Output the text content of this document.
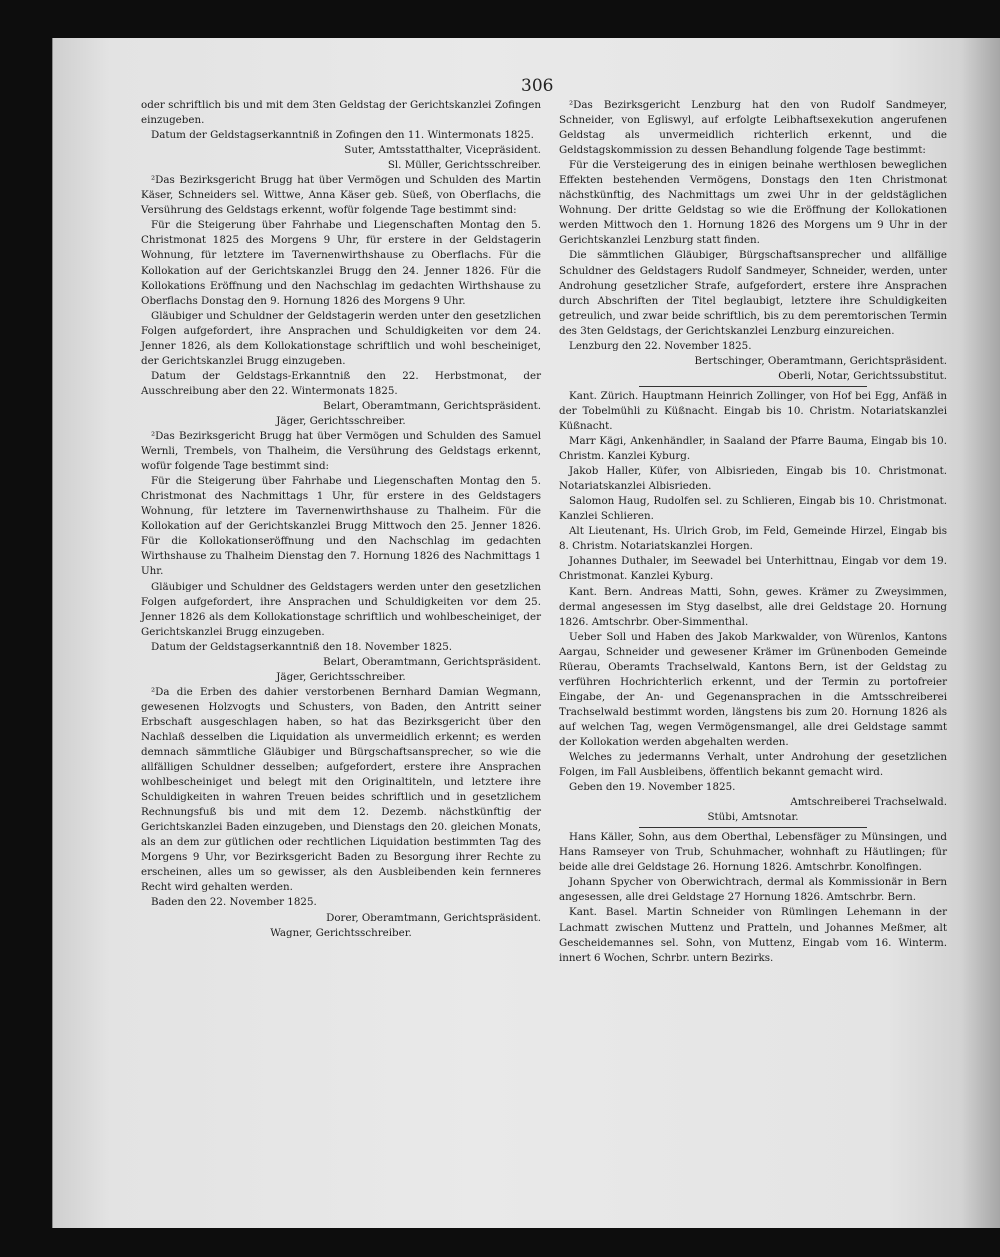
306

oder schriftlich bis und mit dem 3ten Geldstag der Gerichtskanzlei Zofingen einzugeben.

Datum der Geldstagserkanntniß in Zofingen den 11. Wintermonats 1825.

Suter, Amtsstatthalter, Vicepräsident.

Sl. Müller, Gerichtsschreiber.

²Das Bezirksgericht Brugg hat über Vermögen und Schulden des Martin Käser, Schneiders sel. Wittwe, Anna Käser geb. Süeß, von Oberflachs, die Versührung des Geldstags erkennt, wofür folgende Tage bestimmt sind:

Für die Steigerung über Fahrhabe und Liegenschaften Montag den 5. Christmonat 1825 des Morgens 9 Uhr, für erstere in der Geldstagerin Wohnung, für letztere im Tavernenwirthshause zu Oberflachs. Für die Kollokation auf der Gerichtskanzlei Brugg den 24. Jenner 1826. Für die Kollokations Eröffnung und den Nachschlag im gedachten Wirthshause zu Oberflachs Donstag den 9. Hornung 1826 des Morgens 9 Uhr.

Gläubiger und Schuldner der Geldstagerin werden unter den gesetzlichen Folgen aufgefordert, ihre Ansprachen und Schuldigkeiten vor dem 24. Jenner 1826, als dem Kollokationstage schriftlich und wohl bescheiniget, der Gerichtskanzlei Brugg einzugeben.

Datum der Geldstags-Erkanntniß den 22. Herbstmonat, der Ausschreibung aber den 22. Wintermonats 1825.

Belart, Oberamtmann, Gerichtspräsident.

Jäger, Gerichtsschreiber.

²Das Bezirksgericht Brugg hat über Vermögen und Schulden des Samuel Wernli, Trembels, von Thalheim, die Versührung des Geldstags erkennt, wofür folgende Tage bestimmt sind:

Für die Steigerung über Fahrhabe und Liegenschaften Montag den 5. Christmonat des Nachmittags 1 Uhr, für erstere in des Geldstagers Wohnung, für letztere im Tavernenwirthshause zu Thalheim. Für die Kollokation auf der Gerichtskanzlei Brugg Mittwoch den 25. Jenner 1826. Für die Kollokationseröffnung und den Nachschlag im gedachten Wirthshause zu Thalheim Dienstag den 7. Hornung 1826 des Nachmittags 1 Uhr.

Gläubiger und Schuldner des Geldstagers werden unter den gesetzlichen Folgen aufgefordert, ihre Ansprachen und Schuldigkeiten vor dem 25. Jenner 1826 als dem Kollokationstage schriftlich und wohlbescheiniget, der Gerichtskanzlei Brugg einzugeben.

Datum der Geldstagserkanntniß den 18. November 1825.

Belart, Oberamtmann, Gerichtspräsident.

Jäger, Gerichtsschreiber.

²Da die Erben des dahier verstorbenen Bernhard Damian Wegmann, gewesenen Holzvogts und Schusters, von Baden, den Antritt seiner Erbschaft ausgeschlagen haben, so hat das Bezirksgericht über den Nachlaß desselben die Liquidation als unvermeidlich erkennt; es werden demnach sämmtliche Gläubiger und Bürgschaftsansprecher, so wie die allfälligen Schuldner desselben; aufgefordert, erstere ihre Ansprachen wohlbescheiniget und belegt mit den Originaltiteln, und letztere ihre Schuldigkeiten in wahren Treuen beides schriftlich und in gesetzlichem Rechnungsfuß bis und mit dem 12. Dezemb. nächstkünftig der Gerichtskanzlei Baden einzugeben, und Dienstags den 20. gleichen Monats, als an dem zur gütlichen oder rechtlichen Liquidation bestimmten Tag des Morgens 9 Uhr, vor Bezirksgericht Baden zu Besorgung ihrer Rechte zu erscheinen, alles um so gewisser, als den Ausbleibenden kein fernneres Recht wird gehalten werden.

Baden den 22. November 1825.

Dorer, Oberamtmann, Gerichtspräsident.

Wagner, Gerichtsschreiber.

²Das Bezirksgericht Lenzburg hat den von Rudolf Sandmeyer, Schneider, von Egliswyl, auf erfolgte Leibhaftsexekution angerufenen Geldstag als unvermeidlich richterlich erkennt, und die Geldstagskommission zu dessen Behandlung folgende Tage bestimmt:

Für die Versteigerung des in einigen beinahe werthlosen beweglichen Effekten bestehenden Vermögens, Donstags den 1ten Christmonat nächstkünftig, des Nachmittags um zwei Uhr in der geldstäglichen Wohnung. Der dritte Geldstag so wie die Eröffnung der Kollokationen werden Mittwoch den 1. Hornung 1826 des Morgens um 9 Uhr in der Gerichtskanzlei Lenzburg statt finden.

Die sämmtlichen Gläubiger, Bürgschaftsansprecher und allfällige Schuldner des Geldstagers Rudolf Sandmeyer, Schneider, werden, unter Androhung gesetzlicher Strafe, aufgefordert, erstere ihre Ansprachen durch Abschriften der Titel beglaubigt, letztere ihre Schuldigkeiten getreulich, und zwar beide schriftlich, bis zu dem peremtorischen Termin des 3ten Geldstags, der Gerichtskanzlei Lenzburg einzureichen.

Lenzburg den 22. November 1825.

Bertschinger, Oberamtmann, Gerichtspräsident.

Oberli, Notar, Gerichtssubstitut.

Kant. Zürich. Hauptmann Heinrich Zollinger, von Hof bei Egg, Anfäß in der Tobelmühli zu Küßnacht. Eingab bis 10. Christm. Notariatskanzlei Küßnacht.

Marr Kägi, Ankenhändler, in Saaland der Pfarre Bauma, Eingab bis 10. Christm. Kanzlei Kyburg.

Jakob Haller, Küfer, von Albisrieden, Eingab bis 10. Christmonat. Notariatskanzlei Albisrieden.

Salomon Haug, Rudolfen sel. zu Schlieren, Eingab bis 10. Christmonat. Kanzlei Schlieren.

Alt Lieutenant, Hs. Ulrich Grob, im Feld, Gemeinde Hirzel, Eingab bis 8. Christm. Notariatskanzlei Horgen.

Johannes Duthaler, im Seewadel bei Unterhittnau, Eingab vor dem 19. Christmonat. Kanzlei Kyburg.

Kant. Bern. Andreas Matti, Sohn, gewes. Krämer zu Zweysimmen, dermal angesessen im Styg daselbst, alle drei Geldstage 20. Hornung 1826. Amtschrbr. Ober-Simmenthal.

Ueber Soll und Haben des Jakob Markwalder, von Würenlos, Kantons Aargau, Schneider und gewesener Krämer im Grünenboden Gemeinde Rüerau, Oberamts Trachselwald, Kantons Bern, ist der Geldstag zu verführen Hochrichterlich erkennt, und der Termin zu portofreier Eingabe, der An- und Gegenansprachen in die Amtsschreiberei Trachselwald bestimmt worden, längstens bis zum 20. Hornung 1826 als auf welchen Tag, wegen Vermögensmangel, alle drei Geldstage sammt der Kollokation werden abgehalten werden.

Welches zu jedermanns Verhalt, unter Androhung der gesetzlichen Folgen, im Fall Ausbleibens, öffentlich bekannt gemacht wird.

Geben den 19. November 1825.

Amtschreiberei Trachselwald.

Stübi, Amtsnotar.

Hans Käller, Sohn, aus dem Oberthal, Lebensfäger zu Münsingen, und Hans Ramseyer von Trub, Schuhmacher, wohnhaft zu Häutlingen; für beide alle drei Geldstage 26. Hornung 1826. Amtschrbr. Konolfingen.

Johann Spycher von Oberwichtrach, dermal als Kommissionär in Bern angesessen, alle drei Geldstage 27 Hornung 1826. Amtschrbr. Bern.

Kant. Basel. Martin Schneider von Rümlingen Lehemann in der Lachmatt zwischen Muttenz und Pratteln, und Johannes Meßmer, alt Gescheidemannes sel. Sohn, von Muttenz, Eingab vom 16. Winterm. innert 6 Wochen, Schrbr. untern Bezirks.
